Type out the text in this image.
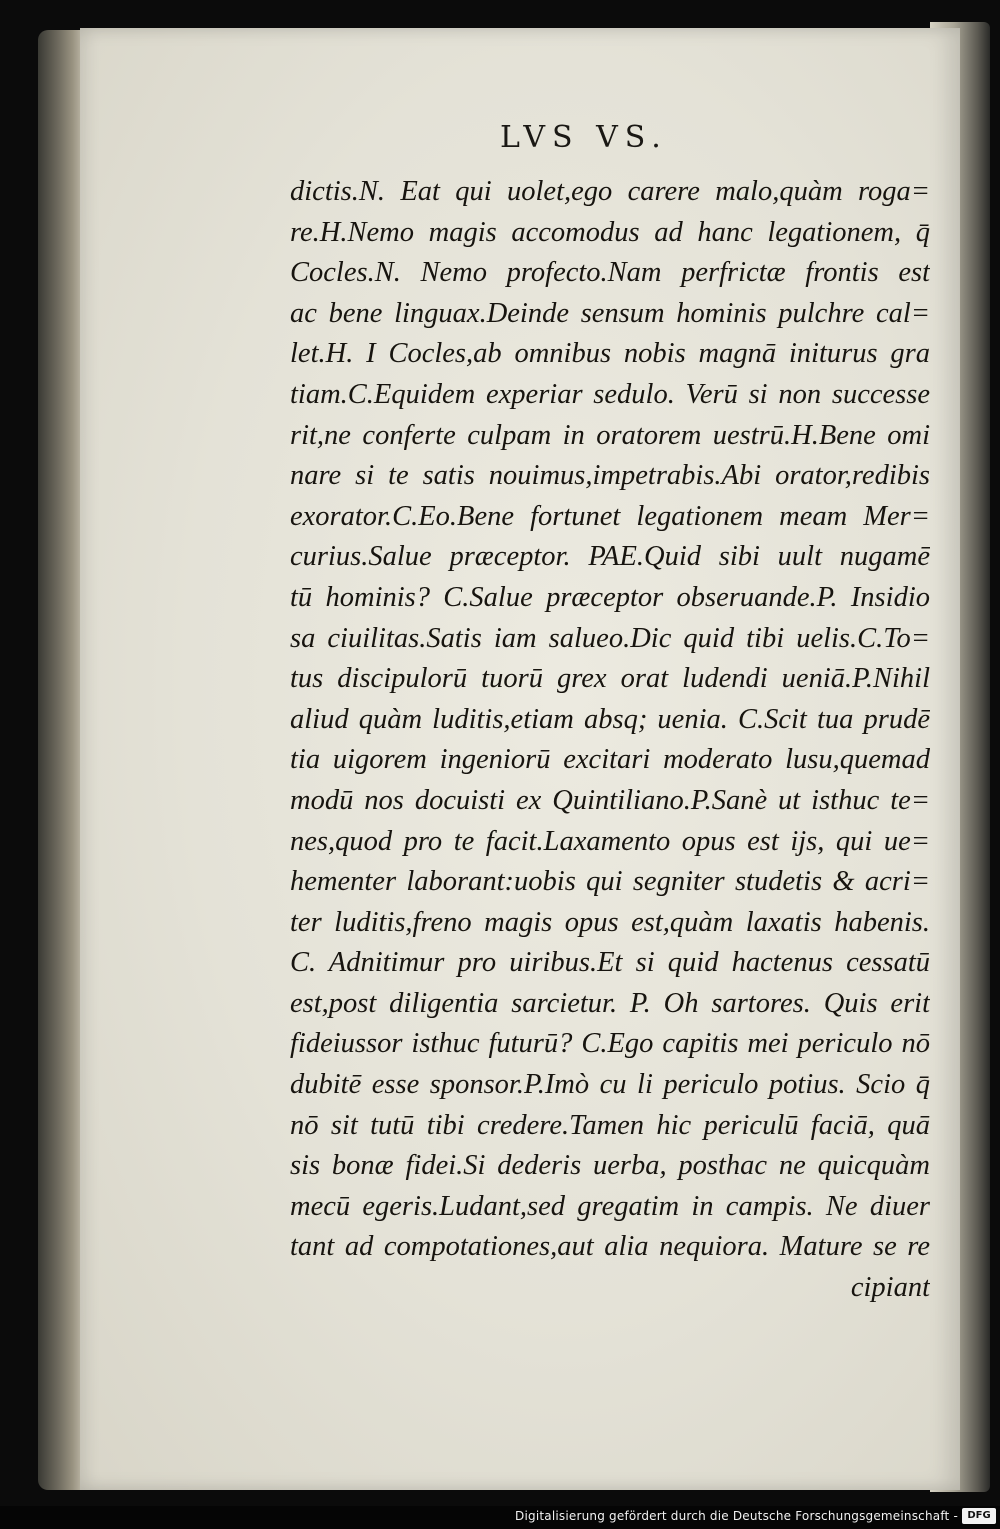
LVS VS.
dictis.N. Eat qui uolet,ego carere malo,quàm roga=
re.H.Nemo magis accomodus ad hanc legationem, q̄
Cocles.N. Nemo profecto.Nam perfrictæ frontis est
ac bene linguax.Deinde sensum hominis pulchre cal=
let.H. I Cocles,ab omnibus nobis magnā initurus gra
tiam.C.Equidem experiar sedulo. Verū si non successe
rit,ne conferte culpam in oratorem uestrū.H.Bene omi
nare si te satis nouimus,impetrabis.Abi orator,redibis
exorator.C.Eo.Bene fortunet legationem meam Mer=
curius.Salue præceptor. PAE.Quid sibi uult nugamē
tū hominis? C.Salue præceptor obseruande.P. Insidio
sa ciuilitas.Satis iam salueo.Dic quid tibi uelis.C.To=
tus discipulorū tuorū grex orat ludendi ueniā.P.Nihil
aliud quàm luditis,etiam absq; uenia. C.Scit tua prudē
tia uigorem ingeniorū excitari moderato lusu,quemad
modū nos docuisti ex Quintiliano.P.Sanè ut isthuc te=
nes,quod pro te facit.Laxamento opus est ijs, qui ue=
hementer laborant:uobis qui segniter studetis & acri=
ter luditis,freno magis opus est,quàm laxatis habenis.
C. Adnitimur pro uiribus.Et si quid hactenus cessatū
est,post diligentia sarcietur. P. Oh sartores. Quis erit
fideiussor isthuc futurū? C.Ego capitis mei periculo nō
dubitē esse sponsor.P.Imò cu li periculo potius. Scio q̄
nō sit tutū tibi credere.Tamen hic periculū faciā, quā
sis bonæ fidei.Si dederis uerba, posthac ne quicquàm
mecū egeris.Ludant,sed gregatim in campis. Ne diuer
tant ad compotationes,aut alia nequiora. Mature se re
cipiant
Digitalisierung gefördert durch die Deutsche Forschungsgemeinschaft - DFG
